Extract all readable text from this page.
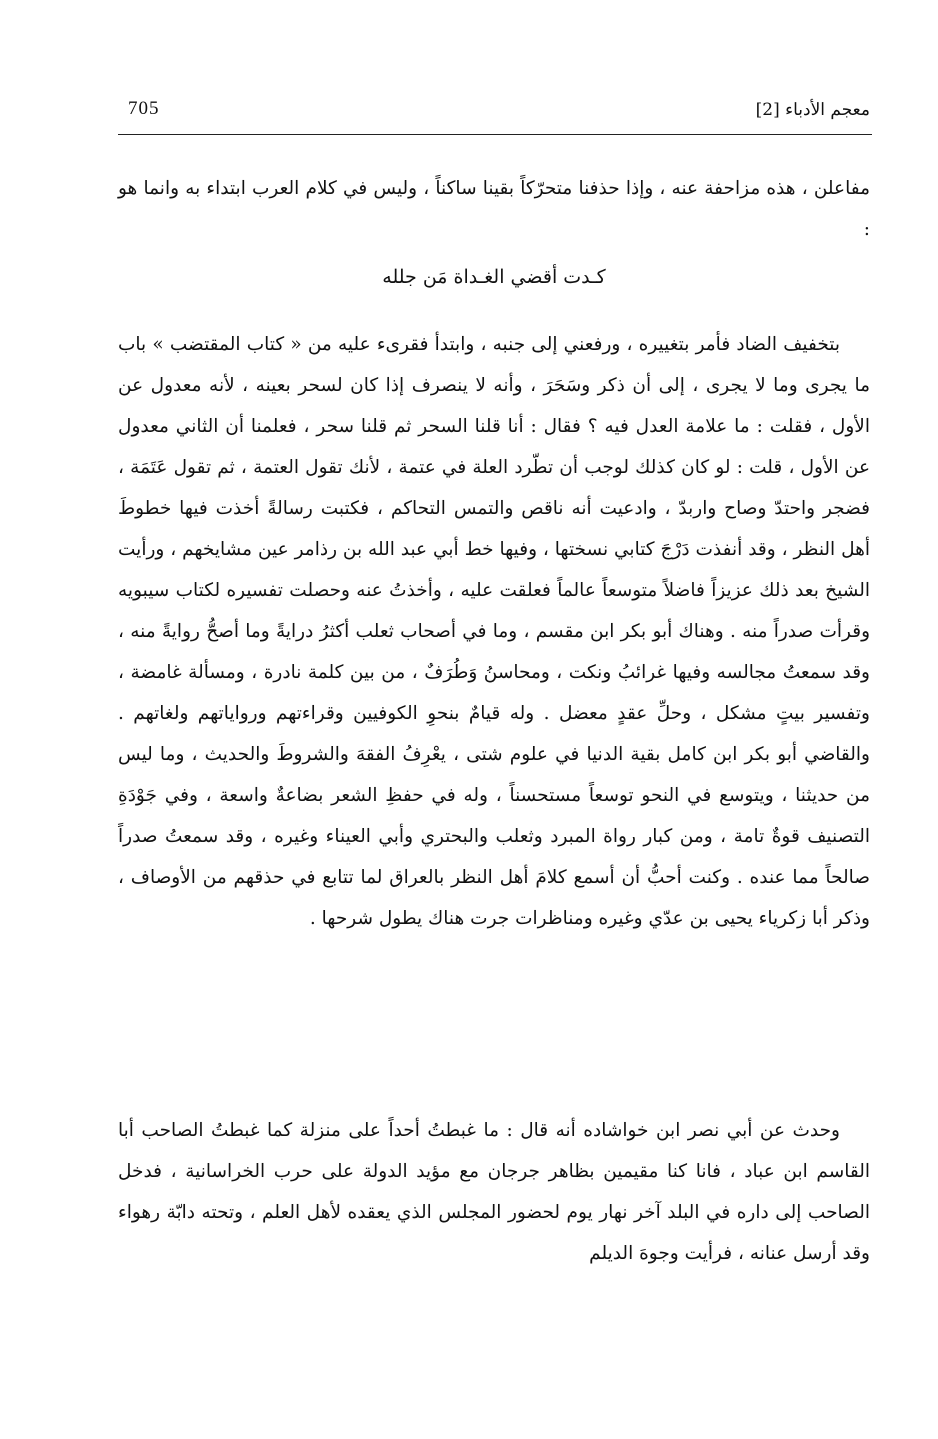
705	معجم الأدباء [2]

مفاعلن ، هذه مزاحفة عنه ، وإذا حذفنا متحرّكاً بقينا ساكناً ، وليس في كلام العرب ابتداء به وانما هو :

كـدت أقضي الغـداة مَن جلله

بتخفيف الضاد فأمر بتغييره ، ورفعني إلى جنبه ، وابتدأ فقرىء عليه من « كتاب المقتضب » باب ما يجرى وما لا يجرى ، إلى أن ذكر وسَحَرَ ، وأنه لا ينصرف إذا كان لسحر بعينه ، لأنه معدول عن الأول ، فقلت : ما علامة العدل فيه ؟ فقال : أنا قلنا السحر ثم قلنا سحر ، فعلمنا أن الثاني معدول عن الأول ، قلت : لو كان كذلك لوجب أن تطّرد العلة في عتمة ، لأنك تقول العتمة ، ثم تقول عَتَمَة ، فضجر واحتدّ وصاح واربدّ ، وادعيت أنه ناقص والتمس التحاكم ، فكتبت رسالةً أخذت فيها خطوطَ أهل النظر ، وقد أنفذت دَرْجَ كتابي نسختها ، وفيها خط أبي عبد الله بن رذامر عين مشايخهم ، ورأيت الشيخ بعد ذلك عزيزاً فاضلاً متوسعاً عالماً فعلقت عليه ، وأخذتُ عنه وحصلت تفسيره لكتاب سيبويه وقرأت صدراً منه . وهناك أبو بكر ابن مقسم ، وما في أصحاب ثعلب أكثرُ درايةً وما أصحُّ روايةً منه ، وقد سمعتُ مجالسه وفيها غرائبُ ونكت ، ومحاسنُ وَطُرَفٌ ، من بين كلمة نادرة ، ومسألة غامضة ، وتفسير بيتٍ مشكل ، وحلِّ عقدٍ معضل . وله قيامٌ بنحوِ الكوفيين وقراءتهم ورواياتهم ولغاتهم . والقاضي أبو بكر ابن كامل بقية الدنيا في علوم شتى ، يعْرِفُ الفقهَ والشروطَ والحديث ، وما ليس من حديثنا ، ويتوسع في النحو توسعاً مستحسناً ، وله في حفظِ الشعر بضاعةٌ واسعة ، وفي جَوْدَةِ التصنيف قوةٌ تامة ، ومن كبار رواة المبرد وثعلب والبحتري وأبي العيناء وغيره ، وقد سمعتُ صدراً صالحاً مما عنده . وكنت أحبُّ أن أسمع كلامَ أهل النظر بالعراق لما تتابع في حذقهم من الأوصاف ، وذكر أبا زكرياء يحيى بن عدّي وغيره ومناظرات جرت هناك يطول شرحها .

وحدث عن أبي نصر ابن خواشاده أنه قال : ما غبطتُ أحداً على منزلة كما غبطتُ الصاحب أبا القاسم ابن عباد ، فانا كنا مقيمين بظاهر جرجان مع مؤيد الدولة على حرب الخراسانية ، فدخل الصاحب إلى داره في البلد آخر نهار يوم لحضور المجلس الذي يعقده لأهل العلم ، وتحته دابّة رهواء وقد أرسل عنانه ، فرأيت وجوهَ الديلم
